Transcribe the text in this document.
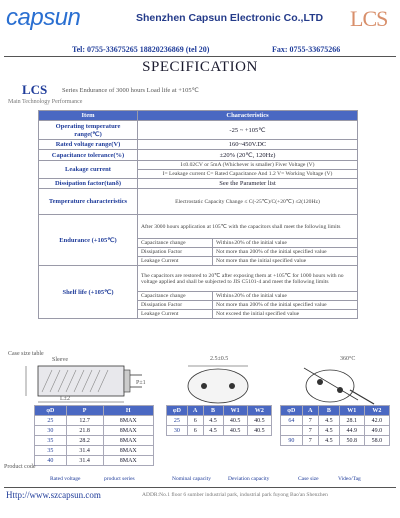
capsun	Shenzhen Capsun Electronic Co.,LTD LCS
Tel: 0755-33675265 18820236869 (tel 20)	Fax: 0755-33675266
SPECIFICATION
LCS Series Endurance of 3000 hours Load life at +105℃
Main Technology Performance
Item	Characteristics	
Operating temperature range(℃)	-25 ~ +105℃	
Rated voltage range(V)	160~450V.DC	
Capacitance tolerance(%)	±20% (20℃, 120Hz)	
Leakage current	I≤0.02CV or 5mA (Whichever is smaller) Fiver Voltage (V)	
	I= Leakage current C= Rated Capacitance And 1.2 V= Working Voltage (V)	
Dissipation factor(tanδ)	See the Parameter list	
Temperature characteristics	Electrostatic Capacity Change ≤ C(-25℃)/C(+20℃) ≤2(120Hz)	
Endurance (+105℃)	After 3000 hours application at 105℃ with the capacitors shall meet the following limits	
	Capacitance change	Within±20% of the initial value
	Dissipation Factor	Not more than 200% of the initial specified value
	Leakage Current	Not more than the initial specified value
Shelf life (+105℃)	The capacitors are restored to 20℃ after exposing them at +105℃ for 1000 hours with no voltage applied and shall be subjected to JIS C5101-4 and meet the following limits	
	Capacitance change	Within±20% of the initial value
	Dissipation Factor	Not more than 200% of the initial specified value
	Leakage Current	Not exceed the initial specified value
Case size table
Sleeve
L±2
P±1
2.5±0.5	360°C
φD	P	H
25	12.7	8MAX
30	21.8	8MAX
35	28.2	8MAX
35	31.4	8MAX
40	31.4	8MAX
φD	A	B	W1	W2
25	6	4.5	40.5	40.5
30	6	4.5	40.5	40.5
φD	A	B	W1	W2
64	7	4.5	28.1	42.0
	7	4.5	44.9	49.0
90	7	4.5	50.8	58.0
Product code
Rated voltage	product series	Nominal capacity	Deviation capacity	Case size	Video/Tag
Http://www.szcapsun.com	ADDR:No.1 floor 6 sumber industrial park, industrial park fuyong Bao'an Shenzhen
